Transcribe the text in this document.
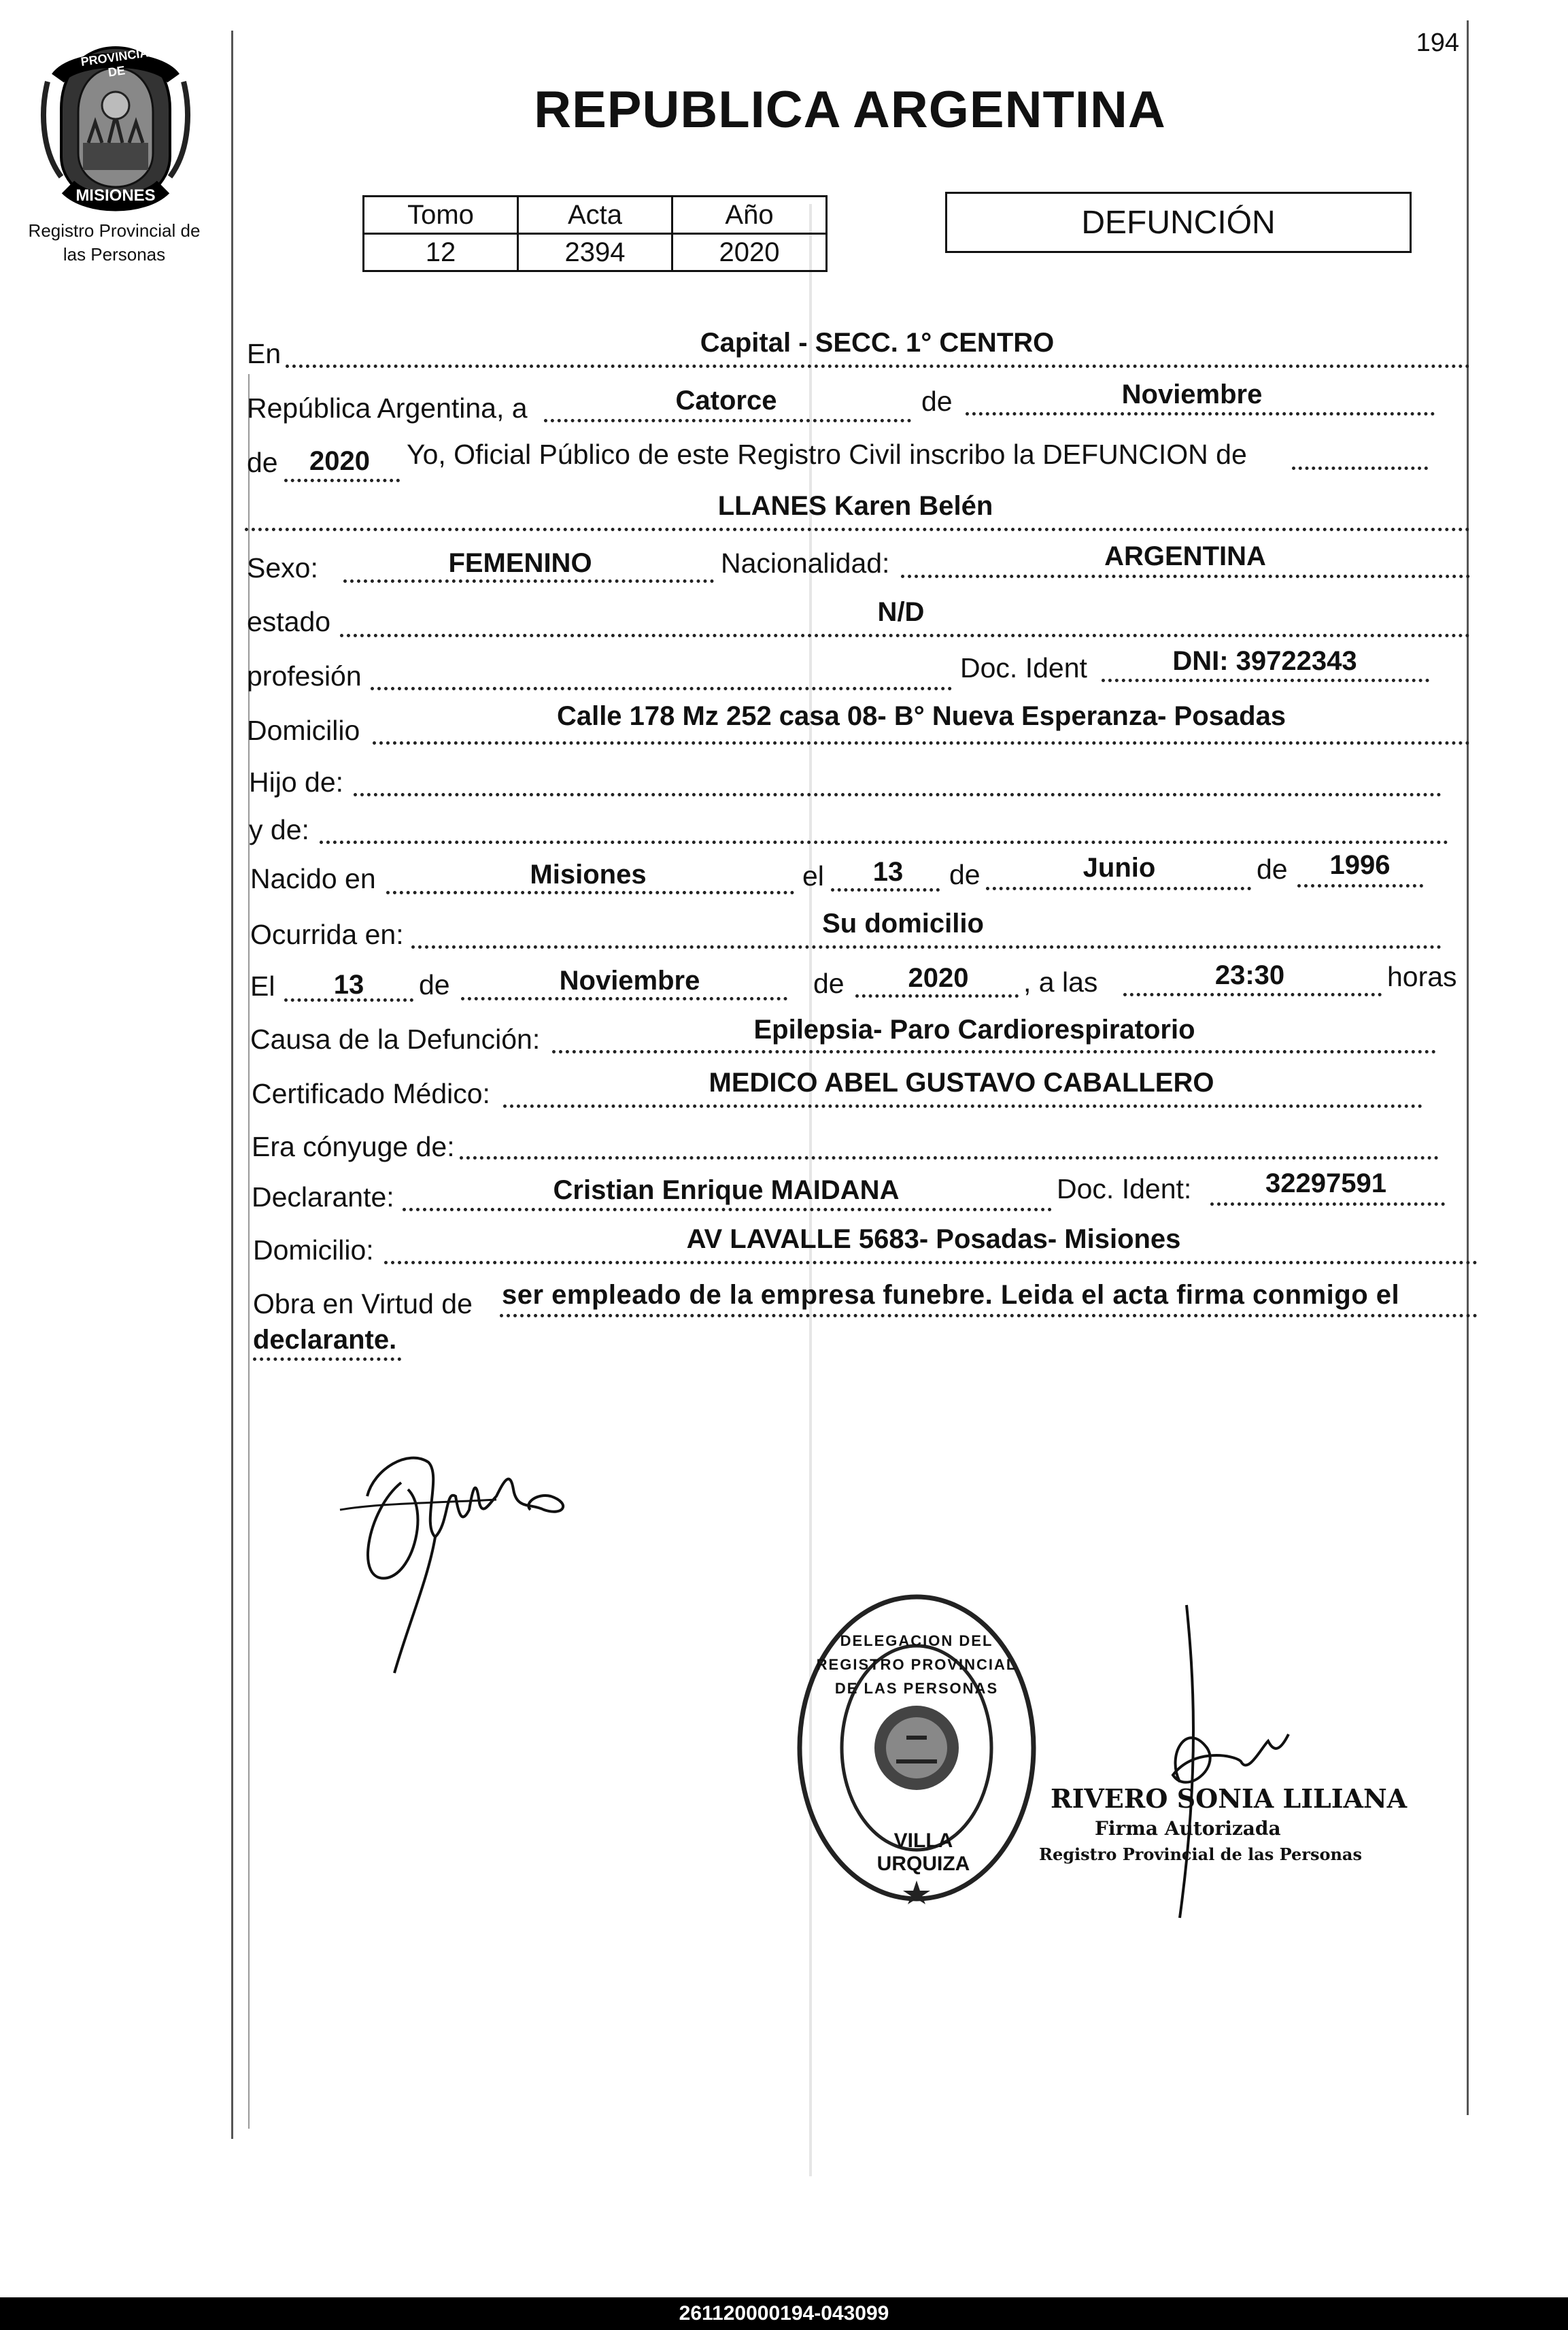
194
PROVINCIA DE
MISIONES
Registro Provincial de
las Personas
REPUBLICA ARGENTINA
Tomo	Acta	Año
12	2394	2020
DEFUNCIÓN
En	Capital - SECC. 1° CENTRO
República Argentina, a	Catorce	de	Noviembre
de 2020 Yo, Oficial Público de este Registro Civil inscribo la DEFUNCION de
LLANES Karen Belén
Sexo:	FEMENINO	Nacionalidad:	ARGENTINA
estado	N/D
profesión	Doc. Ident	DNI: 39722343
Domicilio	Calle 178 Mz 252 casa 08- B° Nueva Esperanza- Posadas
Hijo de:
y de:
Nacido en	Misiones	el 13 de	Junio	de 1996
Ocurrida en:	Su domicilio
El 13 de	Noviembre	de 2020 , a las	23:30	horas
Causa de la Defunción:	Epilepsia- Paro Cardiorespiratorio
Certificado Médico:	MEDICO ABEL GUSTAVO CABALLERO
Era cónyuge de:
Declarante:	Cristian Enrique MAIDANA	Doc. Ident:	32297591
Domicilio:	AV LAVALLE 5683- Posadas- Misiones
Obra en Virtud de ser empleado de la empresa funebre. Leida el acta firma conmigo el
declarante.
DELEGACION DEL REGISTRO PROVINCIAL DE LAS PERSONAS
VILLA URQUIZA
RIVERO SONIA LILIANA
Firma Autorizada
Registro Provincial de las Personas
261120000194-043099
